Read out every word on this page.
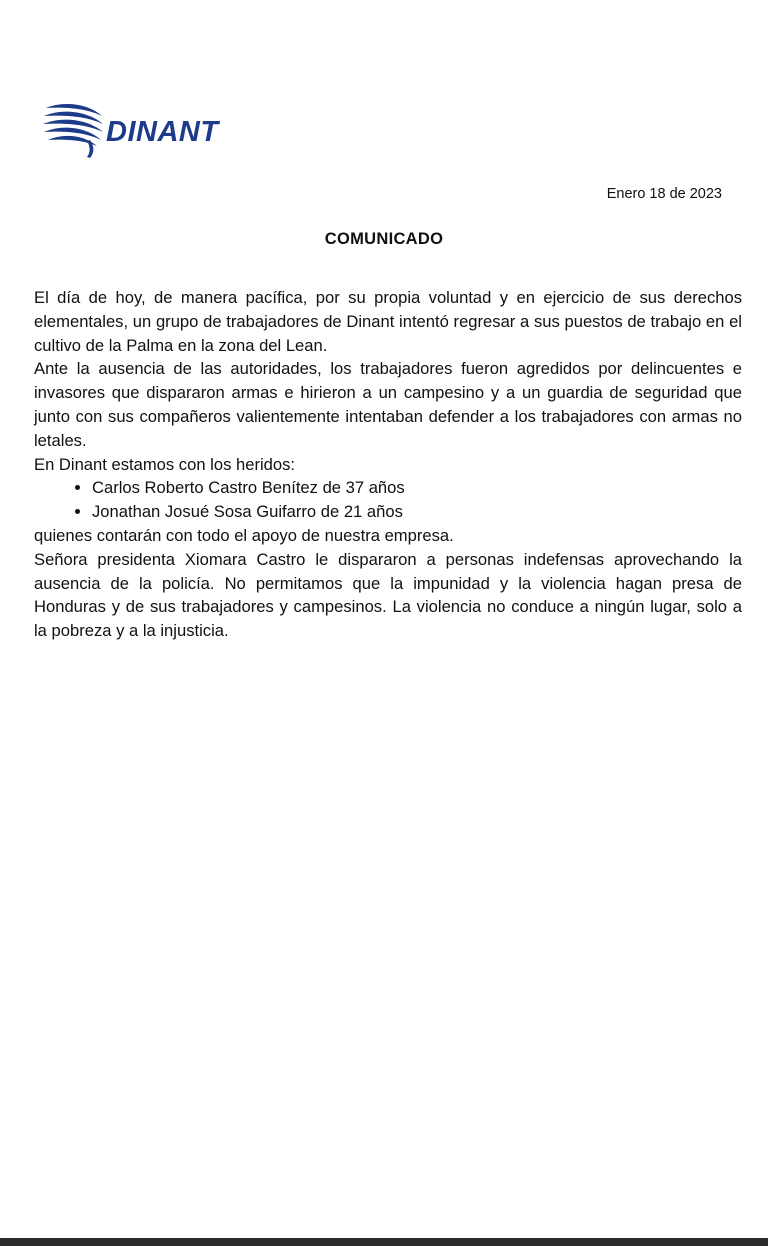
DINANT
Enero 18 de 2023
COMUNICADO

El día de hoy, de manera pacífica, por su propia voluntad y en ejercicio de sus derechos elementales, un grupo de trabajadores de Dinant intentó regresar a sus puestos de trabajo en el cultivo de la Palma en la zona del Lean.

Ante la ausencia de las autoridades, los trabajadores fueron agredidos por delincuentes e invasores que dispararon armas e hirieron a un campesino y a un guardia de seguridad que junto con sus compañeros valientemente intentaban defender a los trabajadores con armas no letales.

En Dinant estamos con los heridos:

• Carlos Roberto Castro Benítez de 37 años
• Jonathan Josué Sosa Guifarro de 21 años

quienes contarán con todo el apoyo de nuestra empresa.

Señora presidenta Xiomara Castro le dispararon a personas indefensas aprovechando la ausencia de la policía. No permitamos que la impunidad y la violencia hagan presa de Honduras y de sus trabajadores y campesinos. La violencia no conduce a ningún lugar, solo a la pobreza y a la injusticia.
